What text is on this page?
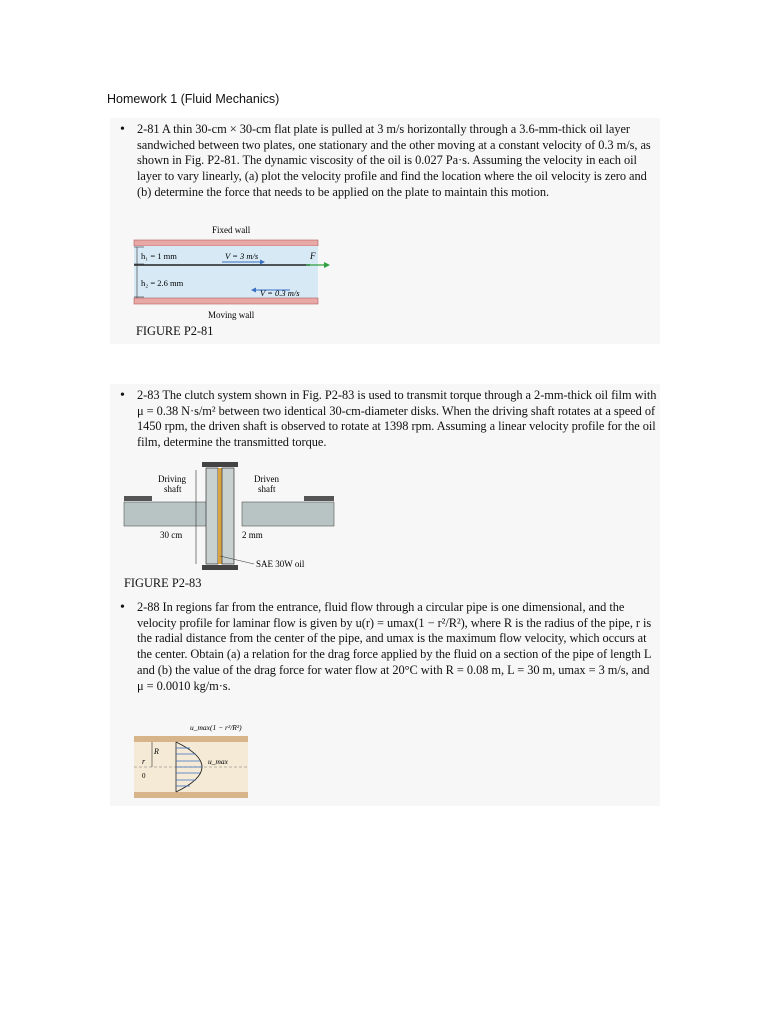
Homework 1 (Fluid Mechanics)
• 2-81 A thin 30-cm × 30-cm flat plate is pulled at 3 m/s horizontally through a 3.6-mm-thick oil layer sandwiched between two plates, one stationary and the other moving at a constant velocity of 0.3 m/s, as shown in Fig. P2-81. The dynamic viscosity of the oil is 0.027 Pa·s. Assuming the velocity in each oil layer to vary linearly, (a) plot the velocity profile and find the location where the oil velocity is zero and (b) determine the force that needs to be applied on the plate to maintain this motion.
Fixed wall
h₁ = 1 mm
h₂ = 2.6 mm
V = 3 m/s	F
V = 0.3 m/s
Moving wall
FIGURE P2-81
• 2-83 The clutch system shown in Fig. P2-83 is used to transmit torque through a 2-mm-thick oil film with μ = 0.38 N·s/m² between two identical 30-cm-diameter disks. When the driving shaft rotates at a speed of 1450 rpm, the driven shaft is observed to rotate at 1398 rpm. Assuming a linear velocity profile for the oil film, determine the transmitted torque.
Driving
shaft
Driven
shaft
30 cm	2 mm
SAE 30W oil
FIGURE P2-83
• 2-88 In regions far from the entrance, fluid flow through a circular pipe is one dimensional, and the velocity profile for laminar flow is given by u(r) = umax(1 − r²/R²), where R is the radius of the pipe, r is the radial distance from the center of the pipe, and umax is the maximum flow velocity, which occurs at the center. Obtain (a) a relation for the drag force applied by the fluid on a section of the pipe of length L and (b) the value of the drag force for water flow at 20°C with R = 0.08 m, L = 30 m, umax = 3 m/s, and μ = 0.0010 kg/m·s.
u_max(1 − r²/R²)
u_max
R
r
0
